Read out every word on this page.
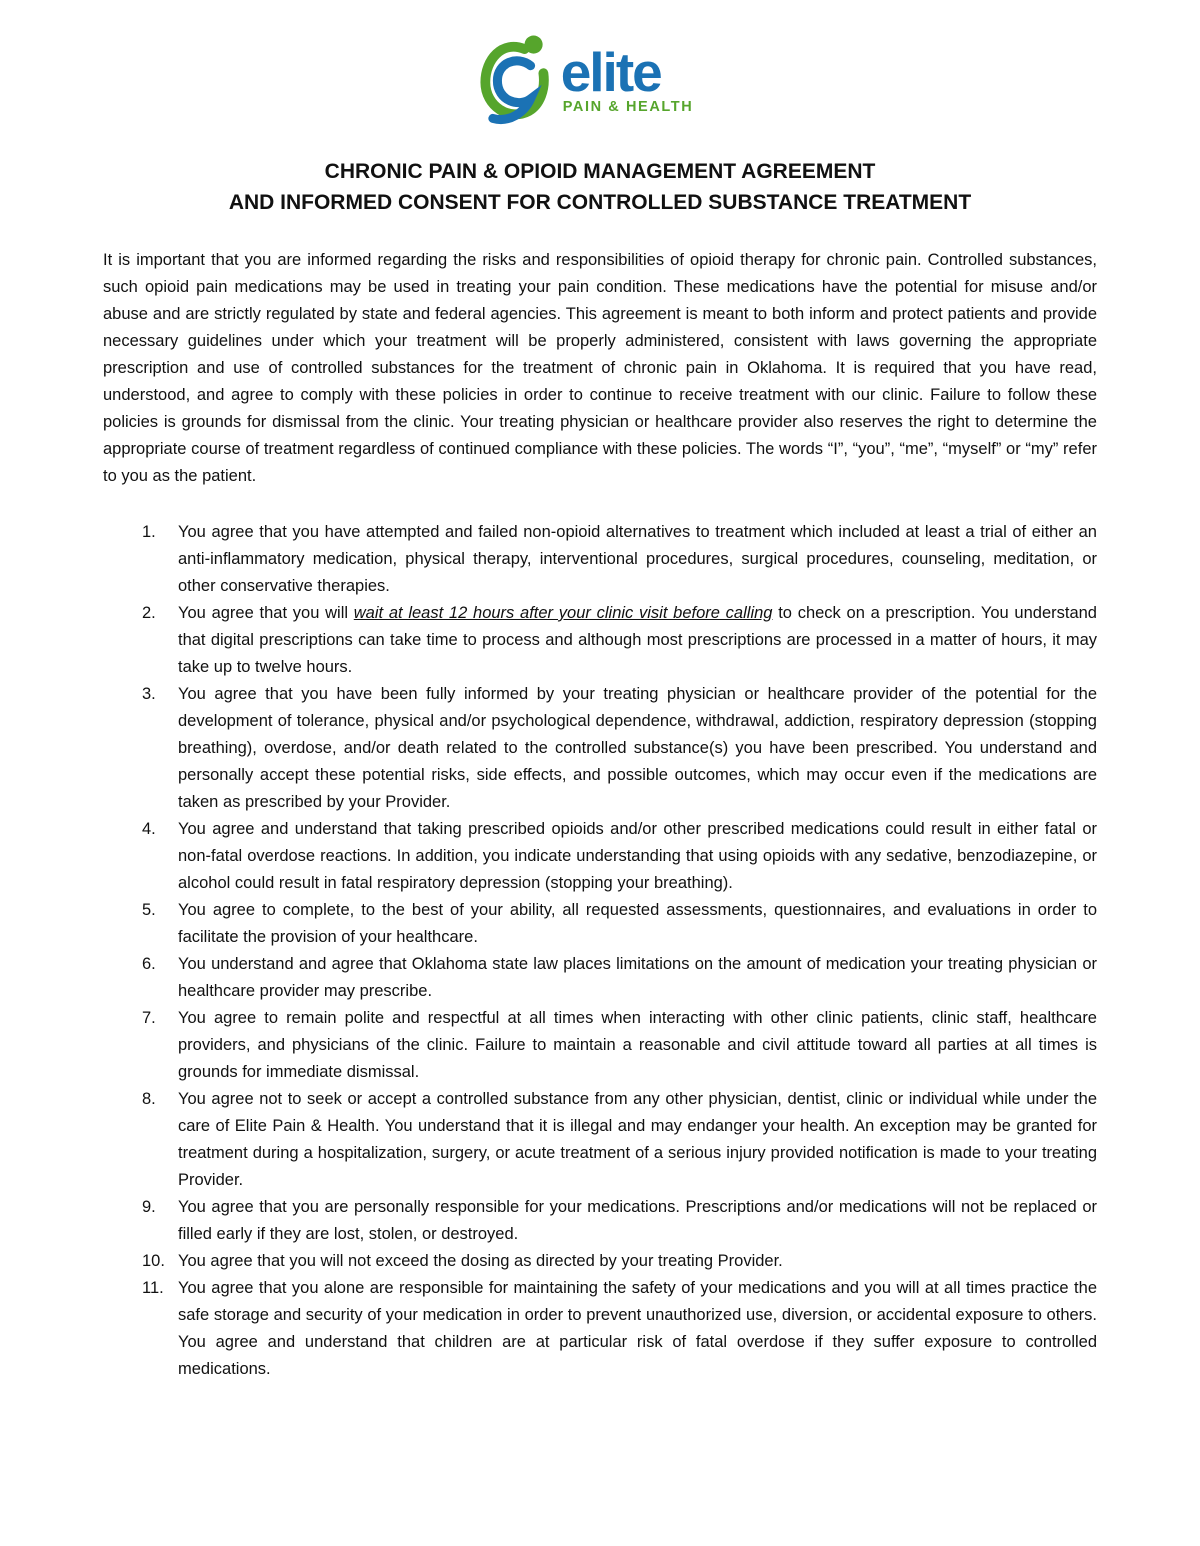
elite
PAIN & HEALTH
CHRONIC PAIN & OPIOID MANAGEMENT AGREEMENT
AND INFORMED CONSENT FOR CONTROLLED SUBSTANCE TREATMENT

It is important that you are informed regarding the risks and responsibilities of opioid therapy for chronic pain. Controlled substances, such opioid pain medications may be used in treating your pain condition. These medications have the potential for misuse and/or abuse and are strictly regulated by state and federal agencies. This agreement is meant to both inform and protect patients and provide necessary guidelines under which your treatment will be properly administered, consistent with laws governing the appropriate prescription and use of controlled substances for the treatment of chronic pain in Oklahoma. It is required that you have read, understood, and agree to comply with these policies in order to continue to receive treatment with our clinic. Failure to follow these policies is grounds for dismissal from the clinic. Your treating physician or healthcare provider also reserves the right to determine the appropriate course of treatment regardless of continued compliance with these policies. The words “I”, “you”, “me”, “myself” or “my” refer to you as the patient.

1. You agree that you have attempted and failed non-opioid alternatives to treatment which included at least a trial of either an anti-inflammatory medication, physical therapy, interventional procedures, surgical procedures, counseling, meditation, or other conservative therapies.
2. You agree that you will wait at least 12 hours after your clinic visit before calling to check on a prescription. You understand that digital prescriptions can take time to process and although most prescriptions are processed in a matter of hours, it may take up to twelve hours.
3. You agree that you have been fully informed by your treating physician or healthcare provider of the potential for the development of tolerance, physical and/or psychological dependence, withdrawal, addiction, respiratory depression (stopping breathing), overdose, and/or death related to the controlled substance(s) you have been prescribed. You understand and personally accept these potential risks, side effects, and possible outcomes, which may occur even if the medications are taken as prescribed by your Provider.
4. You agree and understand that taking prescribed opioids and/or other prescribed medications could result in either fatal or non-fatal overdose reactions. In addition, you indicate understanding that using opioids with any sedative, benzodiazepine, or alcohol could result in fatal respiratory depression (stopping your breathing).
5. You agree to complete, to the best of your ability, all requested assessments, questionnaires, and evaluations in order to facilitate the provision of your healthcare.
6. You understand and agree that Oklahoma state law places limitations on the amount of medication your treating physician or healthcare provider may prescribe.
7. You agree to remain polite and respectful at all times when interacting with other clinic patients, clinic staff, healthcare providers, and physicians of the clinic. Failure to maintain a reasonable and civil attitude toward all parties at all times is grounds for immediate dismissal.
8. You agree not to seek or accept a controlled substance from any other physician, dentist, clinic or individual while under the care of Elite Pain & Health. You understand that it is illegal and may endanger your health. An exception may be granted for treatment during a hospitalization, surgery, or acute treatment of a serious injury provided notification is made to your treating Provider.
9. You agree that you are personally responsible for your medications. Prescriptions and/or medications will not be replaced or filled early if they are lost, stolen, or destroyed.
10. You agree that you will not exceed the dosing as directed by your treating Provider.
11. You agree that you alone are responsible for maintaining the safety of your medications and you will at all times practice the safe storage and security of your medication in order to prevent unauthorized use, diversion, or accidental exposure to others. You agree and understand that children are at particular risk of fatal overdose if they suffer exposure to controlled medications.
